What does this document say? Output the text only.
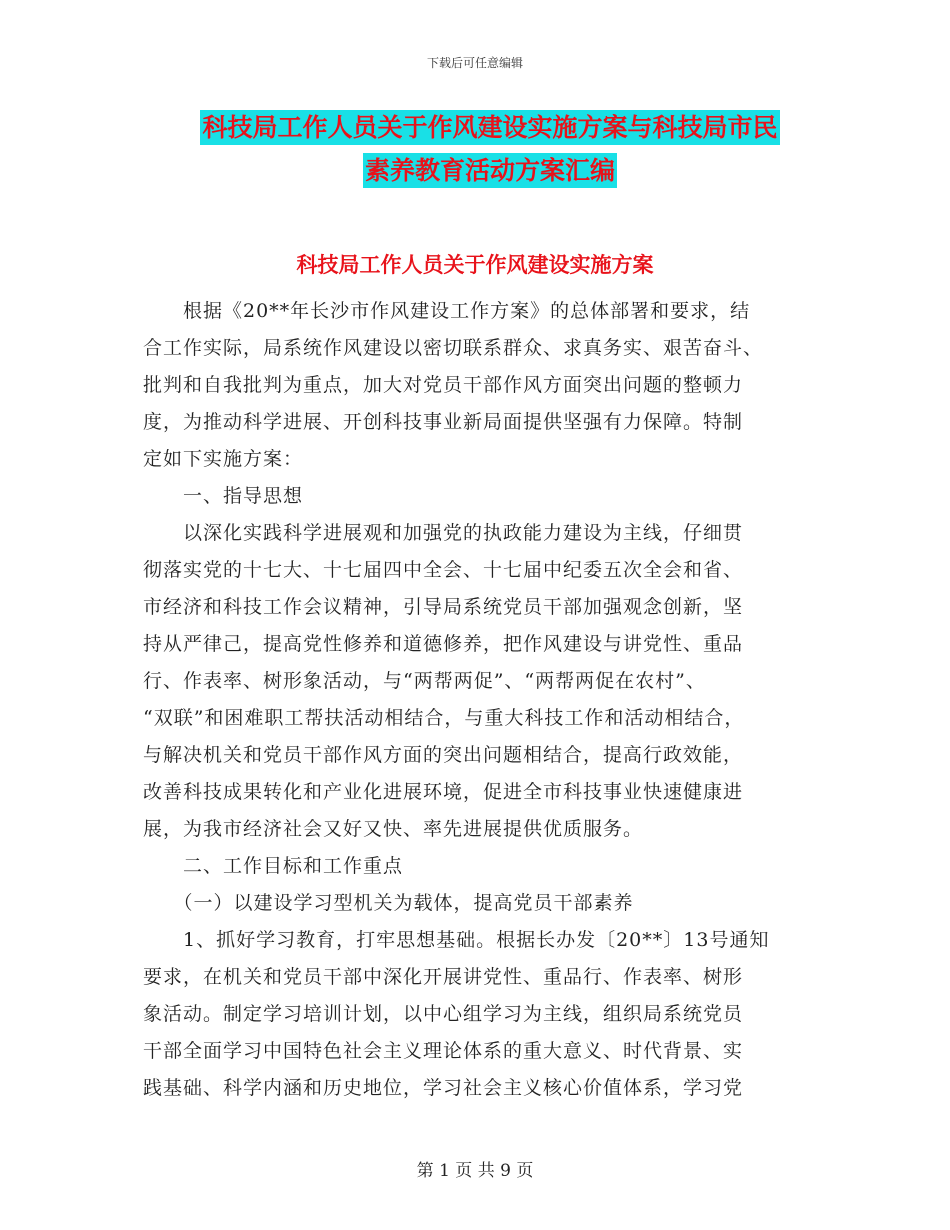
下载后可任意编辑
科技局工作人员关于作风建设实施方案与科技局市民
素养教育活动方案汇编
科技局工作人员关于作风建设实施方案
　　根据《20**年长沙市作风建设工作方案》的总体部署和要求，结
合工作实际，局系统作风建设以密切联系群众、求真务实、艰苦奋斗、
批判和自我批判为重点，加大对党员干部作风方面突出问题的整顿力
度，为推动科学进展、开创科技事业新局面提供坚强有力保障。特制
定如下实施方案：
　　一、指导思想
　　以深化实践科学进展观和加强党的执政能力建设为主线，仔细贯
彻落实党的十七大、十七届四中全会、十七届中纪委五次全会和省、
市经济和科技工作会议精神，引导局系统党员干部加强观念创新，坚
持从严律己，提高党性修养和道德修养，把作风建设与讲党性、重品
行、作表率、树形象活动，与“两帮两促”、“两帮两促在农村”、
“双联”和困难职工帮扶活动相结合，与重大科技工作和活动相结合，
与解决机关和党员干部作风方面的突出问题相结合，提高行政效能，
改善科技成果转化和产业化进展环境，促进全市科技事业快速健康进
展，为我市经济社会又好又快、率先进展提供优质服务。
　　二、工作目标和工作重点
　　（一）以建设学习型机关为载体，提高党员干部素养
　　1、抓好学习教育，打牢思想基础。根据长办发〔20**〕13号通知
要求，在机关和党员干部中深化开展讲党性、重品行、作表率、树形
象活动。制定学习培训计划，以中心组学习为主线，组织局系统党员
干部全面学习中国特色社会主义理论体系的重大意义、时代背景、实
践基础、科学内涵和历史地位，学习社会主义核心价值体系，学习党
第 1 页 共 9 页
